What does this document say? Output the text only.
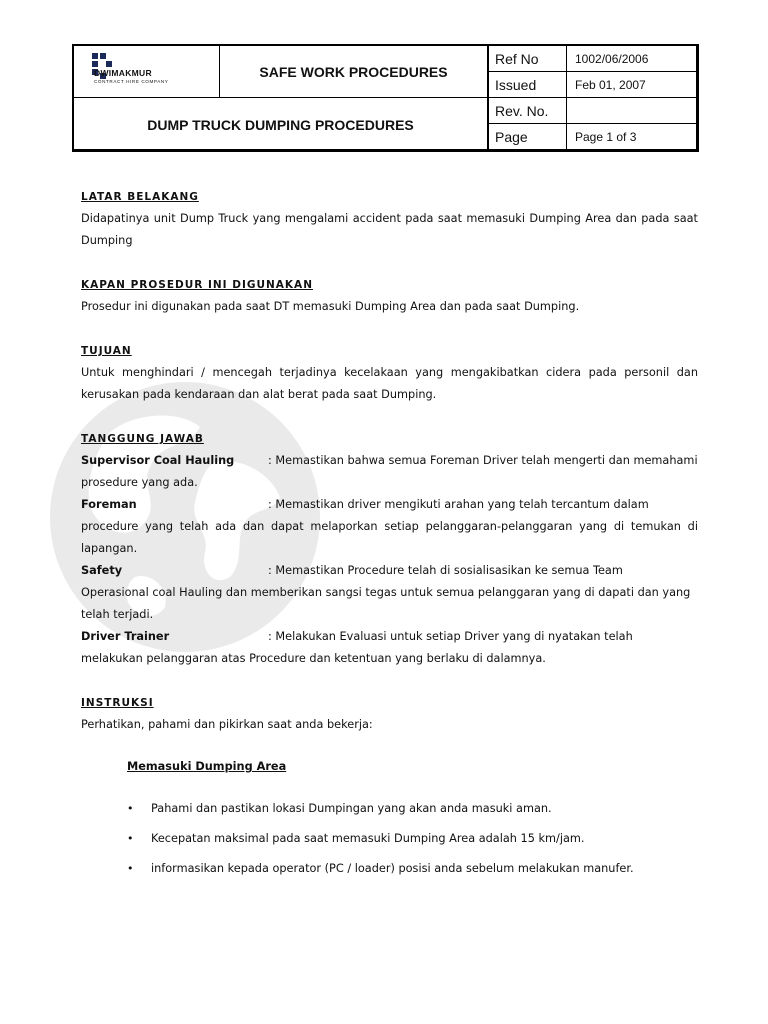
DWIMAKMUR
CONTRACT HIRE COMPANY
SAFE WORK PROCEDURES
DUMP TRUCK DUMPING PROCEDURES
Ref No	1002/06/2006
Issued	Feb 01, 2007
Rev. No.
Page	Page 1 of 3

LATAR BELAKANG

Didapatinya unit Dump Truck yang mengalami accident pada saat memasuki Dumping Area dan pada saat Dumping

KAPAN PROSEDUR INI DIGUNAKAN

Prosedur ini digunakan pada saat DT memasuki Dumping Area dan pada saat Dumping.

TUJUAN

Untuk menghindari / mencegah terjadinya kecelakaan yang mengakibatkan cidera pada personil dan kerusakan pada kendaraan dan alat berat pada saat Dumping.

TANGGUNG JAWAB

Supervisor Coal Hauling	: Memastikan bahwa semua Foreman Driver telah mengerti dan memahami

prosedure yang ada.

Foreman	: Memastikan driver mengikuti arahan yang telah tercantum dalam

procedure yang telah ada dan dapat melaporkan setiap pelanggaran-pelanggaran yang di temukan di lapangan.

Safety	: Memastikan Procedure telah di sosialisasikan ke semua Team

Operasional coal Hauling dan memberikan sangsi tegas untuk semua pelanggaran yang di dapati dan yang telah terjadi.

Driver Trainer	: Melakukan Evaluasi untuk setiap Driver yang di nyatakan telah

melakukan pelanggaran atas Procedure dan ketentuan yang berlaku di dalamnya.

INSTRUKSI

Perhatikan, pahami dan pikirkan saat anda bekerja:

Memasuki Dumping Area

• Pahami dan pastikan lokasi Dumpingan yang akan anda masuki aman.
• Kecepatan maksimal pada saat memasuki Dumping Area adalah 15 km/jam.
• informasikan kepada operator (PC / loader) posisi anda sebelum melakukan manufer.
